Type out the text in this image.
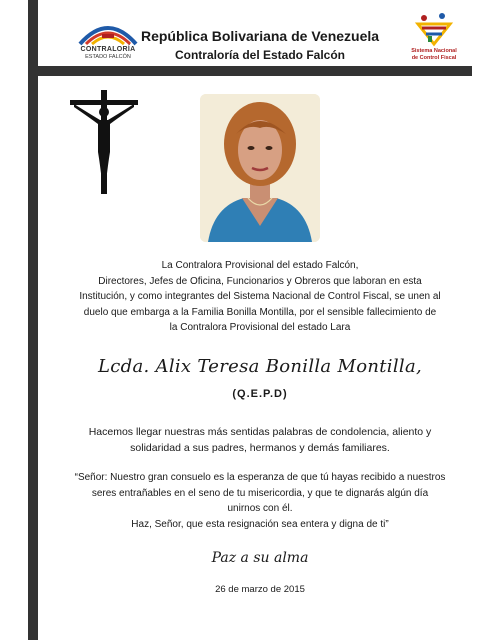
CONTRALORÍA
ESTADO FALCÓN
República Bolivariana de Venezuela
Contraloría del Estado Falcón	Sistema Nacional
de Control Fiscal
La Contralora Provisional del estado Falcón,
Directores, Jefes de Oficina, Funcionarios y Obreros que laboran en esta
Institución, y como integrantes del Sistema Nacional de Control Fiscal, se unen al
duelo que embarga a la Familia Bonilla Montilla, por el sensible fallecimiento de
la Contralora Provisional del estado Lara
Lcda. Alix Teresa Bonilla Montilla,
(Q.E.P.D)
Hacemos llegar nuestras más sentidas palabras de condolencia, aliento y
solidaridad a sus padres, hermanos y demás familiares.
“Señor: Nuestro gran consuelo es la esperanza de que tú hayas recibido a nuestros
seres entrañables en el seno de tu misericordia, y que te dignarás algún día
unirnos con él.
Haz, Señor, que esta resignación sea entera y digna de ti”
Paz a su alma
26 de marzo de 2015
